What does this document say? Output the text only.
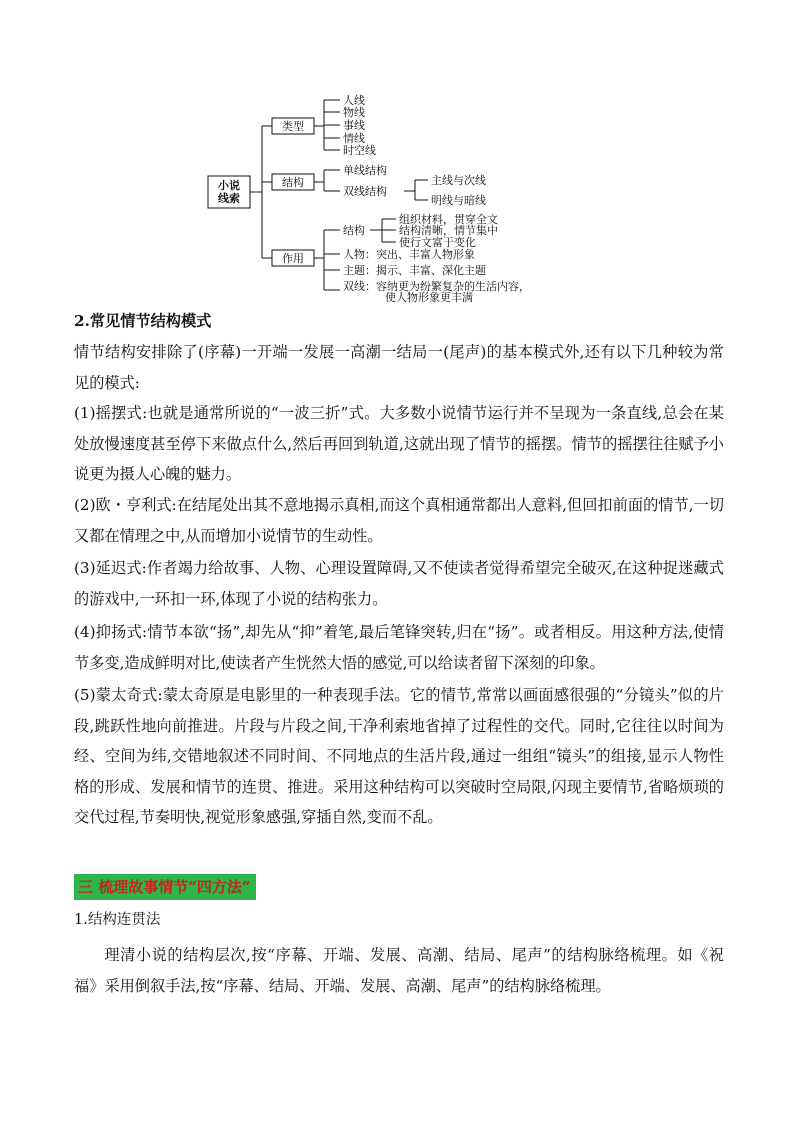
小说
线索
类型
结构
作用
人线
物线
事线
情线
时空线
单线结构
双线结构
主线与次线
明线与暗线
结构
组织材料，贯穿全文
结构清晰，情节集中
使行文富于变化
人物：突出、丰富人物形象
主题：揭示、丰富、深化主题
双线：容纳更为纷繁复杂的生活内容，
使人物形象更丰满

2.常见情节结构模式

情节结构安排除了(序幕)一开端一发展一高潮一结局一(尾声)的基本模式外,还有以下几种较为常见的模式:

(1)摇摆式:也就是通常所说的“一波三折”式。大多数小说情节运行并不呈现为一条直线,总会在某处放慢速度甚至停下来做点什么,然后再回到轨道,这就出现了情节的摇摆。情节的摇摆往往赋予小说更为摄人心魄的魅力。

(2)欧・亨利式:在结尾处出其不意地揭示真相,而这个真相通常都出人意料,但回扣前面的情节,一切又都在情理之中,从而增加小说情节的生动性。

(3)延迟式:作者竭力给故事、人物、心理设置障碍,又不使读者觉得希望完全破灭,在这种捉迷藏式的游戏中,一环扣一环,体现了小说的结构张力。

(4)抑扬式:情节本欲“扬”,却先从“抑”着笔,最后笔锋突转,归在“扬”。或者相反。用这种方法,使情节多变,造成鲜明对比,使读者产生恍然大悟的感觉,可以给读者留下深刻的印象。

(5)蒙太奇式:蒙太奇原是电影里的一种表现手法。它的情节,常常以画面感很强的“分镜头”似的片段,跳跃性地向前推进。片段与片段之间,干净利索地省掉了过程性的交代。同时,它往往以时间为经、空间为纬,交错地叙述不同时间、不同地点的生活片段,通过一组组“镜头”的组接,显示人物性格的形成、发展和情节的连贯、推进。采用这种结构可以突破时空局限,闪现主要情节,省略烦琐的交代过程,节奏明快,视觉形象感强,穿插自然,变而不乱。

三 梳理故事情节“四方法”

1.结构连贯法

理清小说的结构层次,按“序幕、开端、发展、高潮、结局、尾声”的结构脉络梳理。如《祝福》采用倒叙手法,按“序幕、结局、开端、发展、高潮、尾声”的结构脉络梳理。
